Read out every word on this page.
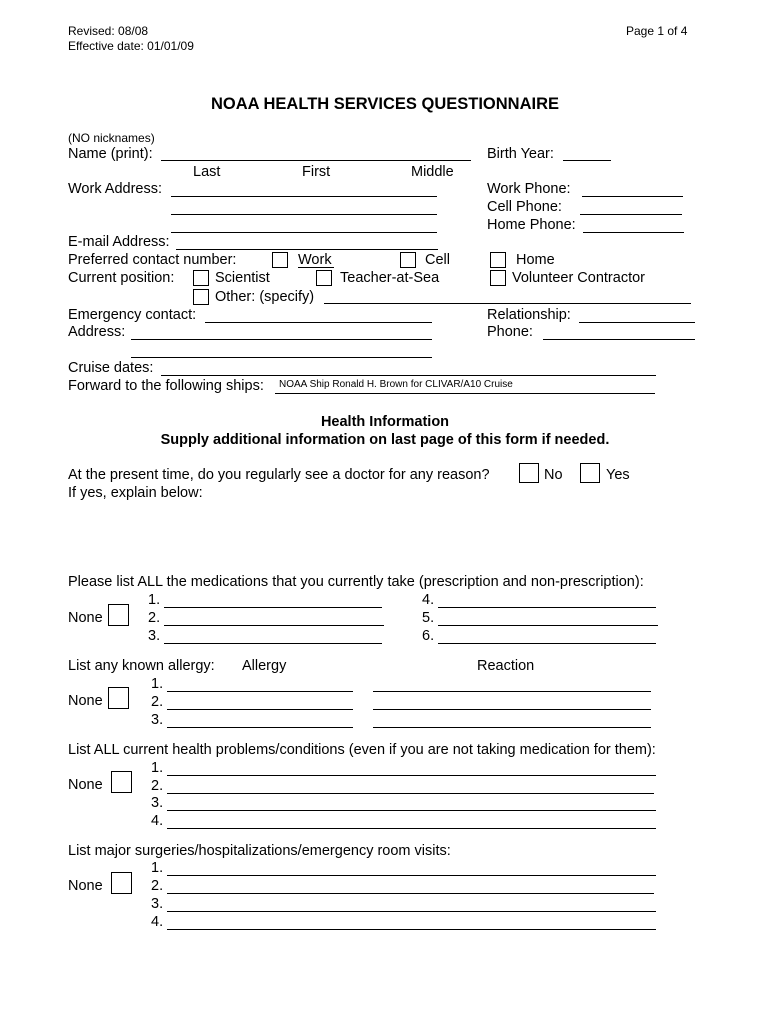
Revised: 08/08
Effective date: 01/01/09
Page 1 of 4
NOAA HEALTH SERVICES QUESTIONNAIRE
(NO nicknames)
Name (print):
Last	First	Middle
Birth Year:
Work Address:	Work Phone:
Cell Phone:
Home Phone:
E-mail Address:
Preferred contact number:	Work	Cell	Home
Current position:	Scientist	Teacher-at-Sea	Volunteer Contractor
Other: (specify)
Emergency contact:	Relationship:
Address:	Phone:
Cruise dates:
Forward to the following ships: NOAA Ship Ronald H. Brown for CLIVAR/A10 Cruise
Health Information
Supply additional information on last page of this form if needed.
At the present time, do you regularly see a doctor for any reason?	No	Yes
If yes, explain below:
Please list ALL the medications that you currently take (prescription and non-prescription):
None
1.
2.
3.
4.
5.
6.
List any known allergy: Allergy	Reaction
None
1.
2.
3.
List ALL current health problems/conditions (even if you are not taking medication for them):
None
1.
2.
3.
4.
List major surgeries/hospitalizations/emergency room visits:
None
1.
2.
3.
4.
